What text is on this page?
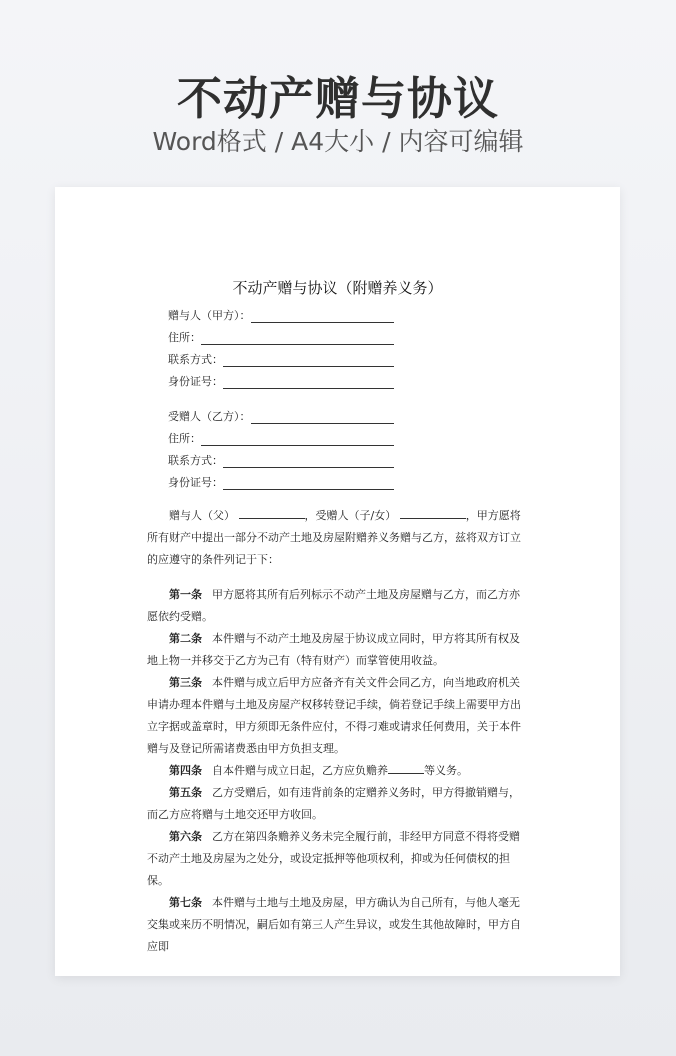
不动产赠与协议
Word格式 / A4大小 / 内容可编辑
不动产赠与协议（附赠养义务）
赠与人（甲方）：
住所：
联系方式：
身份证号：
受赠人（乙方）：
住所：
联系方式：
身份证号：
赠与人（父）	，受赠人（子/女）	，甲方愿将所有财产中提出一部分不动产土地及房屋附赠养义务赠与乙方，兹将双方订立的应遵守的条件列记于下：
第一条 甲方愿将其所有后列标示不动产土地及房屋赠与乙方，而乙方亦愿依约受赠。
第二条 本件赠与不动产土地及房屋于协议成立同时，甲方将其所有权及地上物一并移交于乙方为己有（特有财产）而掌管使用收益。
第三条 本件赠与成立后甲方应备齐有关文件会同乙方，向当地政府机关申请办理本件赠与土地及房屋产权移转登记手续，倘若登记手续上需要甲方出立字据或盖章时，甲方须即无条件应付，不得刁难或请求任何费用，关于本件赠与及登记所需诸费悉由甲方负担支理。
第四条 自本件赠与成立日起，乙方应负赡养	等义务。
第五条 乙方受赠后，如有违背前条的定赠养义务时，甲方得撤销赠与，而乙方应将赠与土地交还甲方收回。
第六条 乙方在第四条赡养义务未完全履行前，非经甲方同意不得将受赠不动产土地及房屋为之处分，或设定抵押等他项权利，抑或为任何债权的担保。
第七条 本件赠与土地与土地及房屋，甲方确认为自己所有，与他人毫无交集或来历不明情况，嗣后如有第三人产生异议，或发生其他故障时，甲方自应即
